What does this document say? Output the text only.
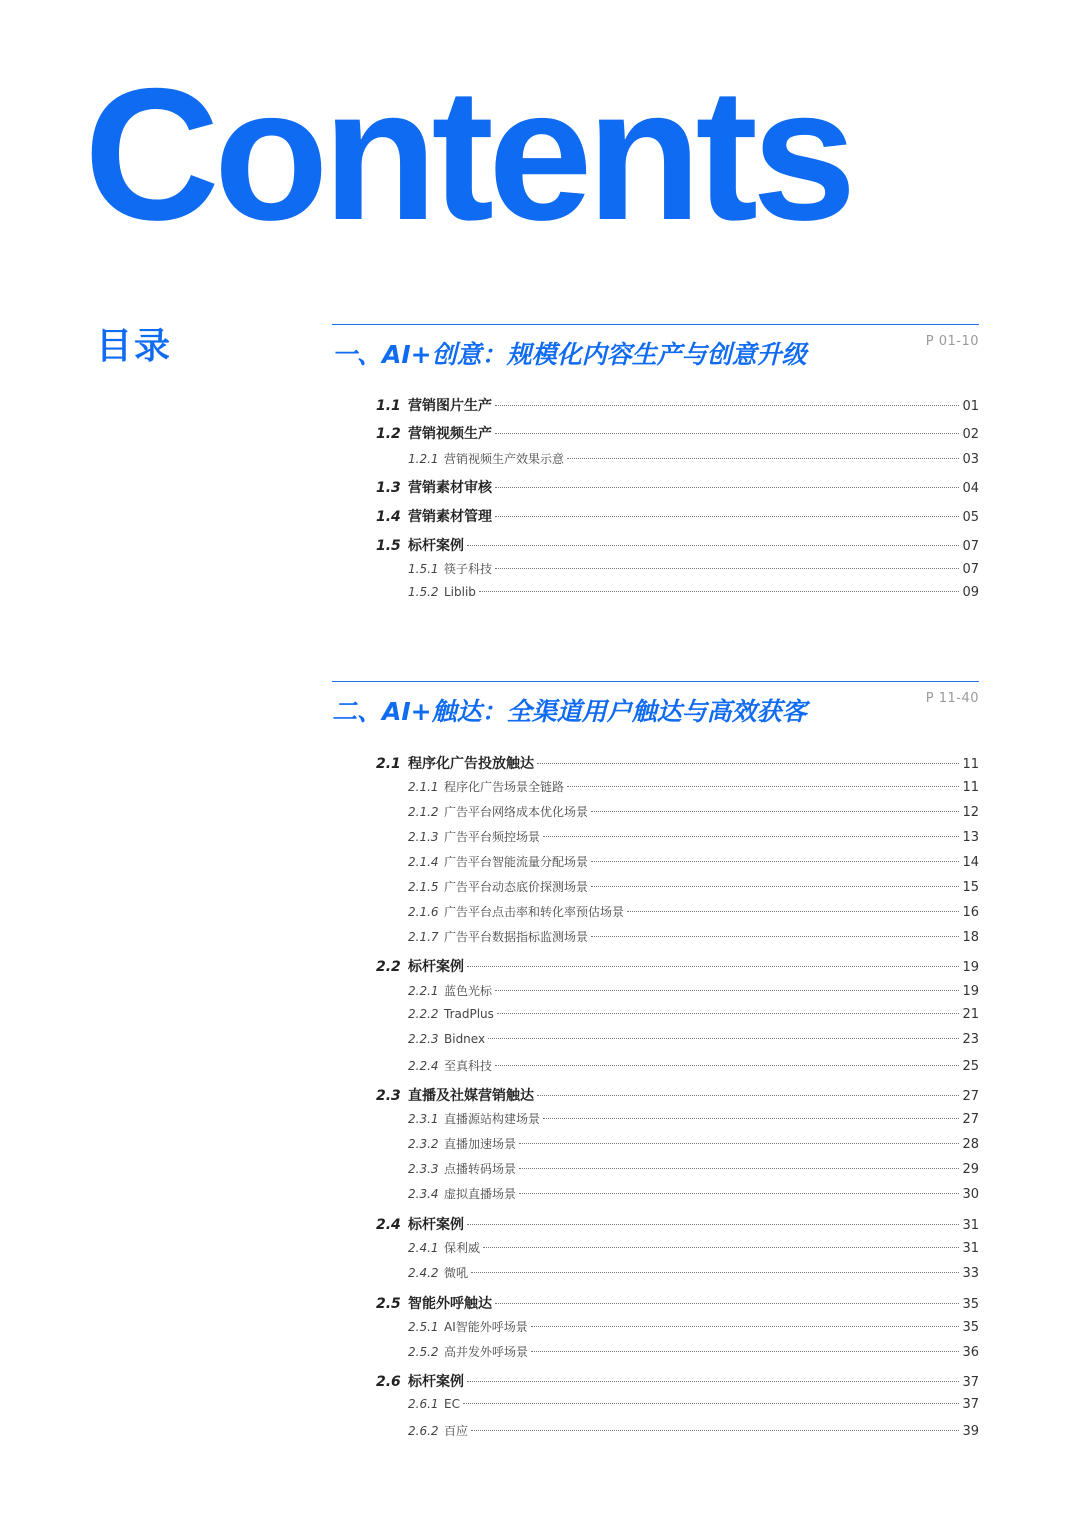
Contents
目录	一、AI+创意：规模化内容生产与创意升级	P 01-10
1.1 营销图片生产	01
1.2 营销视频生产	02
1.2.1 营销视频生产效果示意	03
1.3 营销素材审核	04
1.4 营销素材管理	05
1.5 标杆案例	07
1.5.1 筷子科技	07
1.5.2 Liblib	09
二、AI+触达：全渠道用户触达与高效获客	P 11-40
2.1 程序化广告投放触达	11
2.1.1 程序化广告场景全链路	11
2.1.2 广告平台网络成本优化场景	12
2.1.3 广告平台频控场景	13
2.1.4 广告平台智能流量分配场景	14
2.1.5 广告平台动态底价探测场景	15
2.1.6 广告平台点击率和转化率预估场景	16
2.1.7 广告平台数据指标监测场景	18
2.2 标杆案例	19
2.2.1 蓝色光标	19
2.2.2 TradPlus	21
2.2.3 Bidnex	23
2.2.4 至真科技	25
2.3 直播及社媒营销触达	27
2.3.1 直播源站构建场景	27
2.3.2 直播加速场景	28
2.3.3 点播转码场景	29
2.3.4 虚拟直播场景	30
2.4 标杆案例	31
2.4.1 保利威	31
2.4.2 微吼	33
2.5 智能外呼触达	35
2.5.1 AI智能外呼场景	35
2.5.2 高并发外呼场景	36
2.6 标杆案例	37
2.6.1 EC	37
2.6.2 百应	39
